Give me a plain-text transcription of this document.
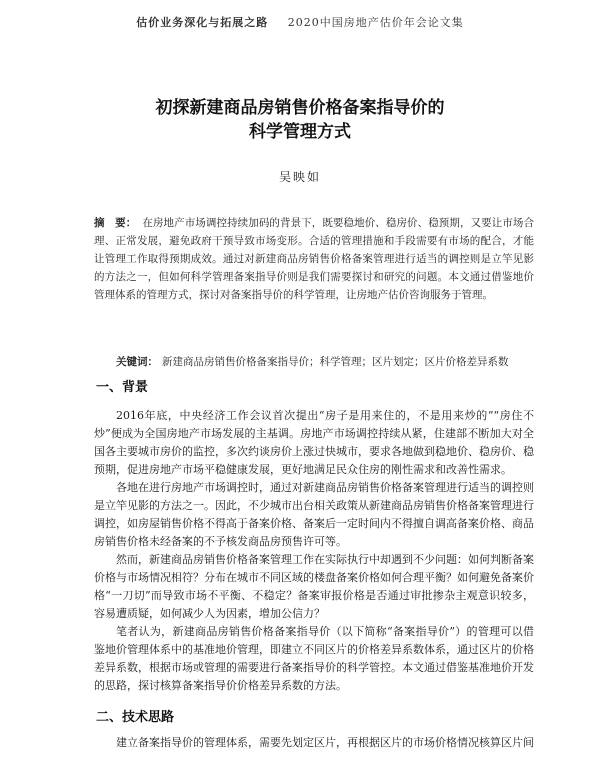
估价业务深化与拓展之路 2020中国房地产估价年会论文集
初探新建商品房销售价格备案指导价的
科学管理方式
吴映如
摘　要： 在房地产市场调控持续加码的背景下，既要稳地价、稳房价、稳预期，又要让市场合理、正常发展，避免政府干预导致市场变形。合适的管理措施和手段需要有市场的配合，才能让管理工作取得预期成效。通过对新建商品房销售价格备案管理进行适当的调控则是立竿见影的方法之一，但如何科学管理备案指导价则是我们需要探讨和研究的问题。本文通过借鉴地价管理体系的管理方式，探讨对备案指导价的科学管理，让房地产估价咨询服务于管理。
关键词： 新建商品房销售价格备案指导价；科学管理；区片划定；区片价格差异系数
一、背景

2016年底，中央经济工作会议首次提出“房子是用来住的，不是用来炒的”“房住不炒”便成为全国房地产市场发展的主基调。房地产市场调控持续从紧，住建部不断加大对全国各主要城市房价的监控，多次约谈房价上涨过快城市，要求各地做到稳地价、稳房价、稳预期，促进房地产市场平稳健康发展，更好地满足民众住房的刚性需求和改善性需求。

各地在进行房地产市场调控时，通过对新建商品房销售价格备案管理进行适当的调控则是立竿见影的方法之一。因此，不少城市出台相关政策从新建商品房销售价格备案管理进行调控，如房屋销售价格不得高于备案价格、备案后一定时间内不得擅自调高备案价格、商品房销售价格未经备案的不予核发商品房预售许可等。

然而，新建商品房销售价格备案管理工作在实际执行中却遇到不少问题：如何判断备案价格与市场情况相符？分布在城市不同区域的楼盘备案价格如何合理平衡？如何避免备案价格“一刀切”而导致市场不平衡、不稳定？备案审报价格是否通过审批掺杂主观意识较多，容易遭质疑，如何减少人为因素，增加公信力？

笔者认为，新建商品房销售价格备案指导价（以下简称“备案指导价”）的管理可以借鉴地价管理体系中的基准地价管理，即建立不同区片的价格差异系数体系，通过区片的价格差异系数，根据市场或管理的需要进行备案指导价的科学管控。本文通过借鉴基准地价开发的思路，探讨核算备案指导价价格差异系数的方法。

二、技术思路

建立备案指导价的管理体系，需要先划定区片，再根据区片的市场价格情况核算区片间
